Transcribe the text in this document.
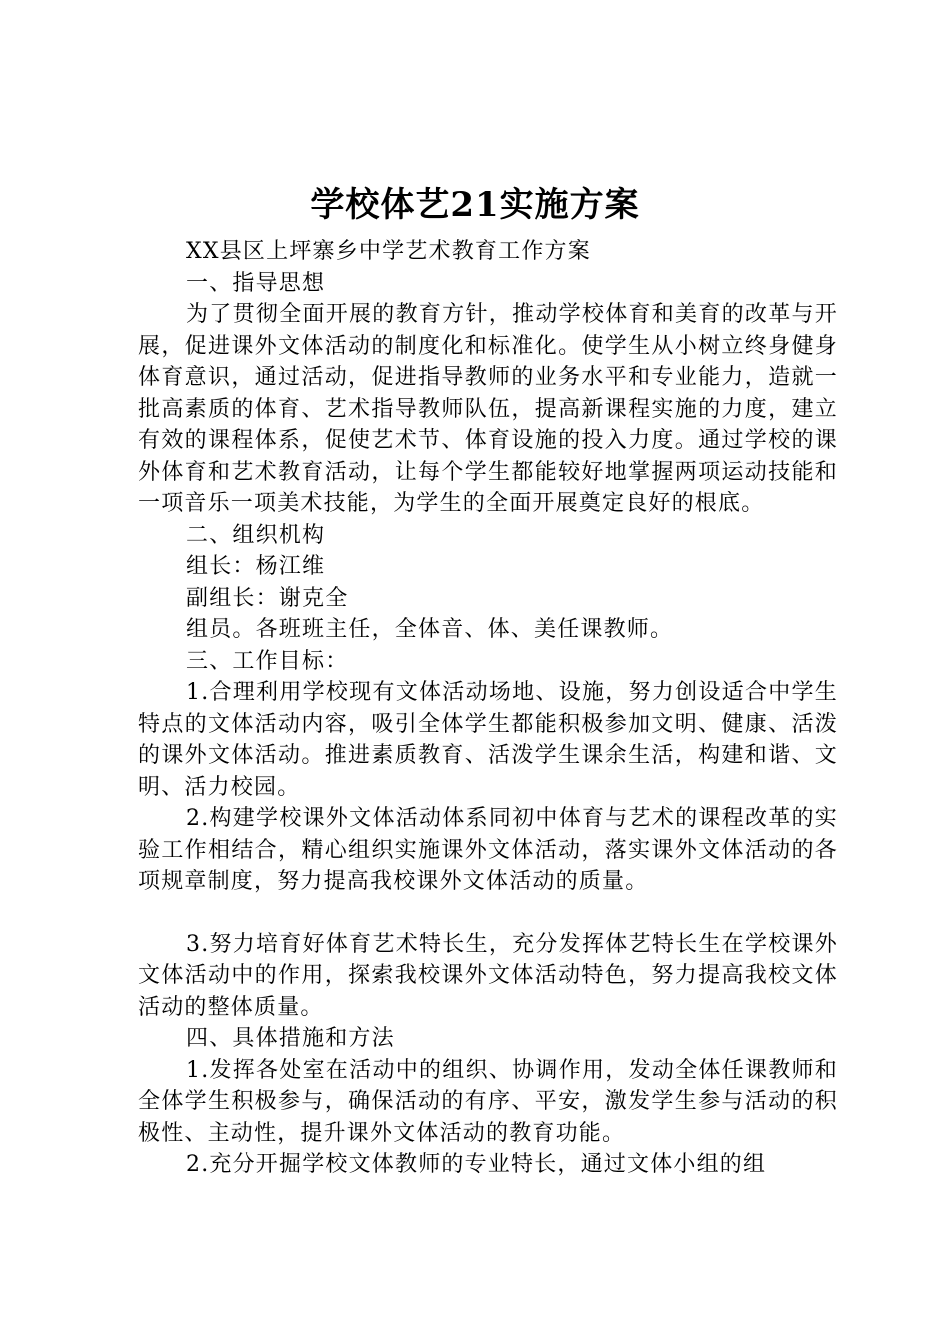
学校体艺21实施方案

XX县区上坪寨乡中学艺术教育工作方案

一、指导思想

为了贯彻全面开展的教育方针，推动学校体育和美育的改革与开展，促进课外文体活动的制度化和标准化。使学生从小树立终身健身体育意识，通过活动，促进指导教师的业务水平和专业能力，造就一批高素质的体育、艺术指导教师队伍，提高新课程实施的力度，建立有效的课程体系，促使艺术节、体育设施的投入力度。通过学校的课外体育和艺术教育活动，让每个学生都能较好地掌握两项运动技能和一项音乐一项美术技能，为学生的全面开展奠定良好的根底。

二、组织机构

组长：杨江维

副组长：谢克全

组员。各班班主任，全体音、体、美任课教师。

三、工作目标：

1.合理利用学校现有文体活动场地、设施，努力创设适合中学生特点的文体活动内容，吸引全体学生都能积极参加文明、健康、活泼的课外文体活动。推进素质教育、活泼学生课余生活，构建和谐、文明、活力校园。

2.构建学校课外文体活动体系同初中体育与艺术的课程改革的实验工作相结合，精心组织实施课外文体活动，落实课外文体活动的各项规章制度，努力提高我校课外文体活动的质量。

3.努力培育好体育艺术特长生，充分发挥体艺特长生在学校课外文体活动中的作用，探索我校课外文体活动特色，努力提高我校文体活动的整体质量。

四、具体措施和方法

1.发挥各处室在活动中的组织、协调作用，发动全体任课教师和全体学生积极参与，确保活动的有序、平安，激发学生参与活动的积极性、主动性，提升课外文体活动的教育功能。

2.充分开掘学校文体教师的专业特长，通过文体小组的组
